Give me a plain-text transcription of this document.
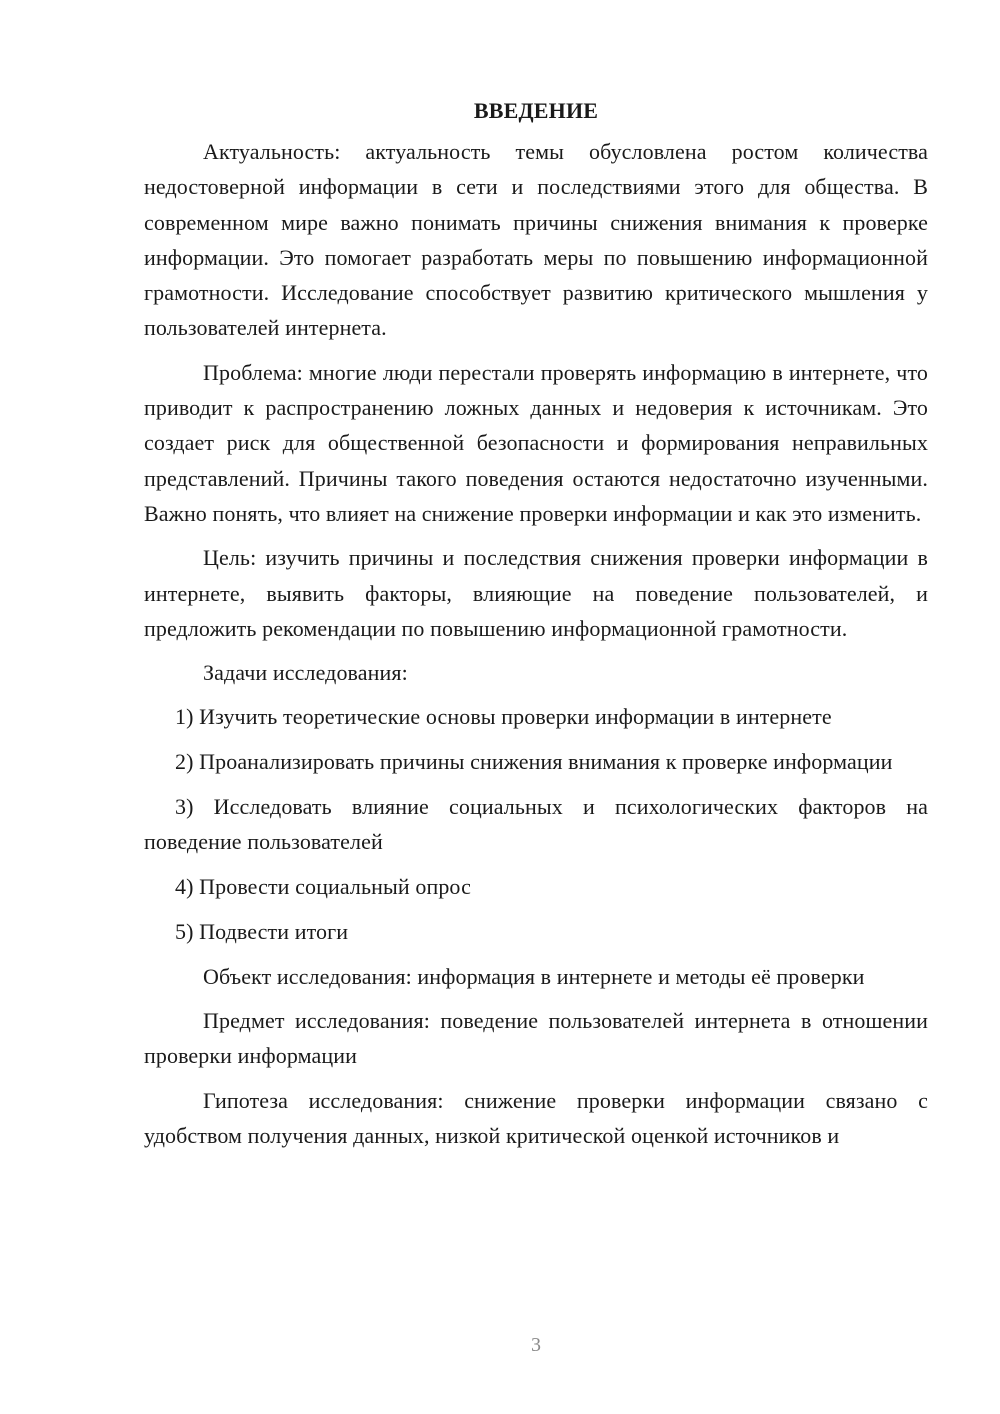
ВВЕДЕНИЕ

Актуальность: актуальность темы обусловлена ростом количества недостоверной информации в сети и последствиями этого для общества. В современном мире важно понимать причины снижения внимания к проверке информации. Это помогает разработать меры по повышению информационной грамотности. Исследование способствует развитию критического мышления у пользователей интернета.

Проблема: многие люди перестали проверять информацию в интернете, что приводит к распространению ложных данных и недоверия к источникам. Это создает риск для общественной безопасности и формирования неправильных представлений. Причины такого поведения остаются недостаточно изученными. Важно понять, что влияет на снижение проверки информации и как это изменить.

Цель: изучить причины и последствия снижения проверки информации в интернете, выявить факторы, влияющие на поведение пользователей, и предложить рекомендации по повышению информационной грамотности.

Задачи исследования:

1) Изучить теоретические основы проверки информации в интернете

2) Проанализировать причины снижения внимания к проверке информации

3) Исследовать влияние социальных и психологических факторов на поведение пользователей

4) Провести социальный опрос

5) Подвести итоги

Объект исследования: информация в интернете и методы её проверки

Предмет исследования: поведение пользователей интернета в отношении проверки информации

Гипотеза исследования: снижение проверки информации связано с удобством получения данных, низкой критической оценкой источников и

3
